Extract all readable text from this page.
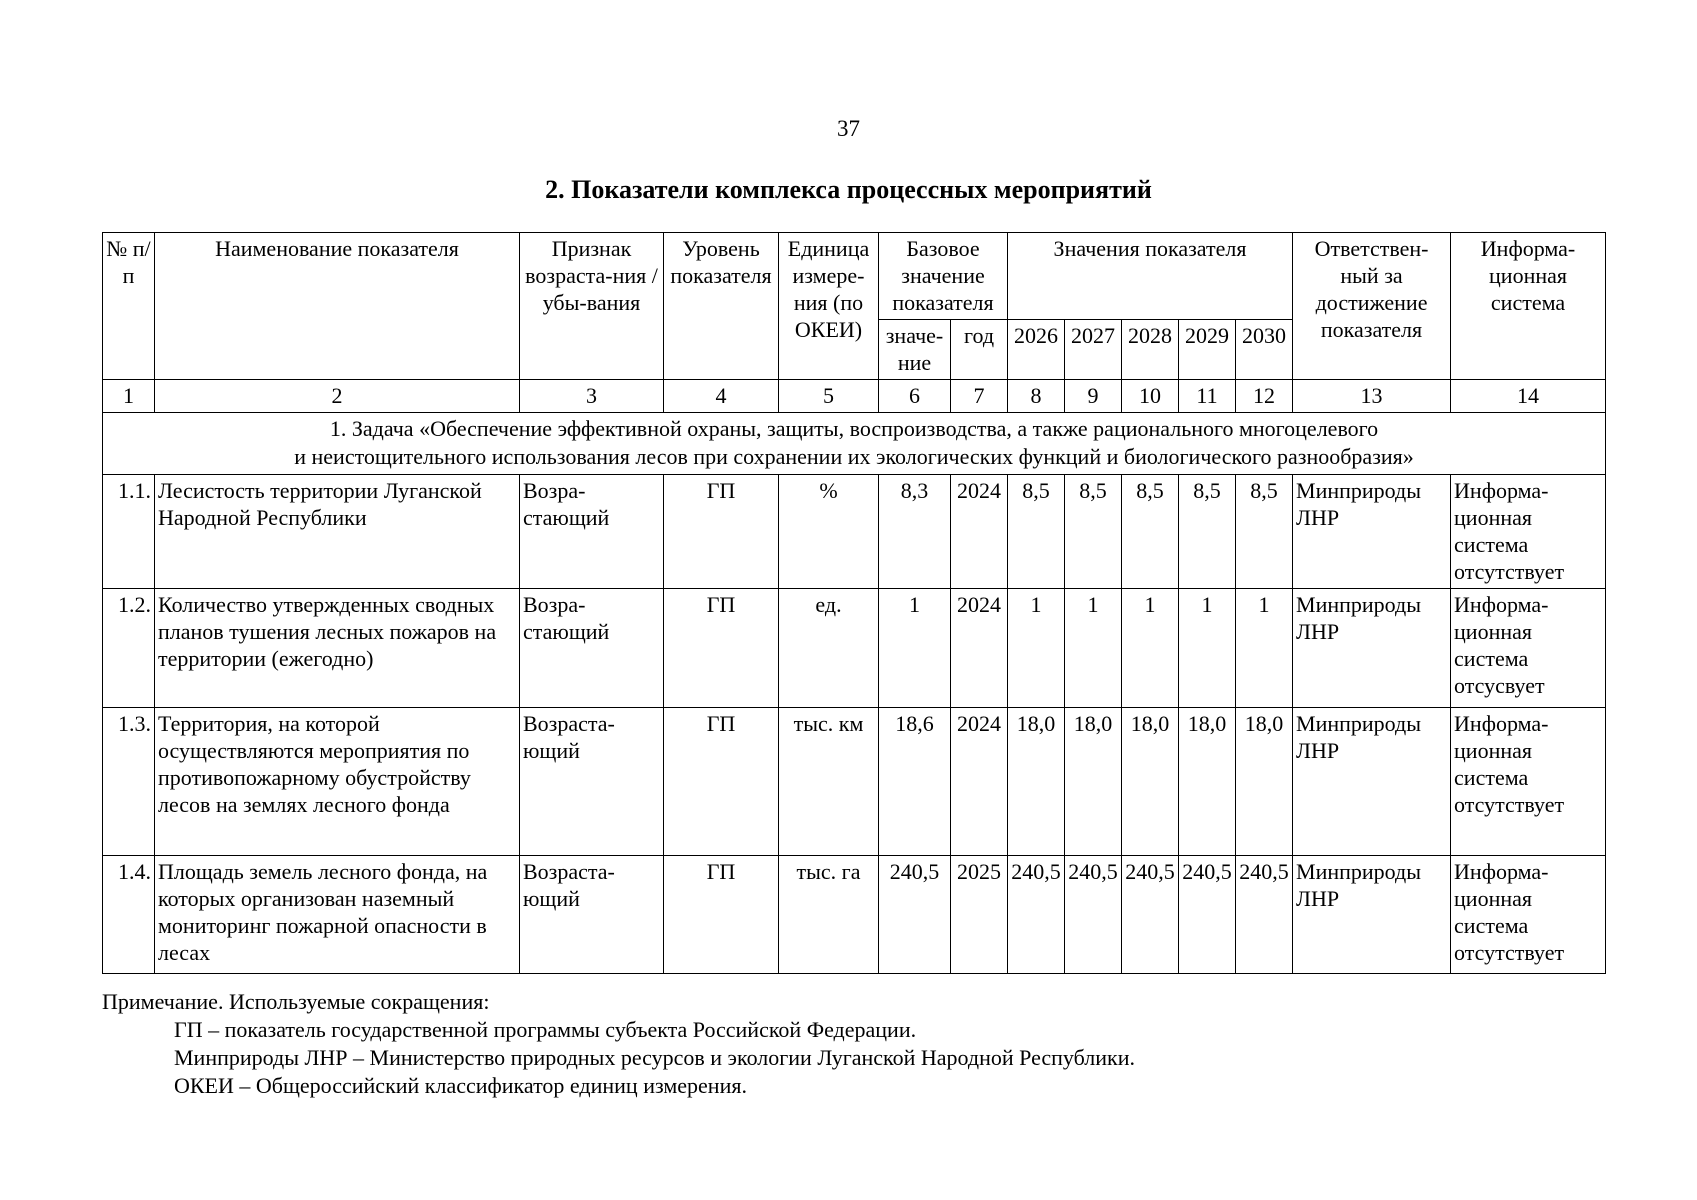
37
2. Показатели комплекса процессных мероприятий
№ п/п	Наименование показателя	Признак возраста-ния /убы-вания	Уровень показателя	Единица измере-ния (по ОКЕИ)	Базовое значение показателя		Значения показателя					Ответствен-ный за достижение показателя	Информа-ционная система
					значе-ние	год	2026	2027	2028	2029	2030		
1	2	3	4	5	6	7	8	9	10	11	12	13	14

1. Задача «Обеспечение эффективной охраны, защиты, воспроизводства, а также рационального многоцелевого
и неистощительного использования лесов при сохранении их экологических функций и биологического разнообразия»													

1.1.	Лесистость территории Луганской Народной Республики	Возра-стающий	ГП	%	8,3	2024	8,5	8,5	8,5	8,5	8,5	Минприроды ЛНР	Информа-ционная система отсутствует
1.2.	Количество утвержденных сводных планов тушения лесных пожаров на территории (ежегодно)	Возра-стающий	ГП	ед.	1	2024	1	1	1	1	1	Минприроды ЛНР	Информа-ционная система отсусвует
1.3.	Территория, на которой осуществляются мероприятия по противопожарному обустройству лесов на землях лесного фонда	Возраста-ющий	ГП	тыс. км	18,6	2024	18,0	18,0	18,0	18,0	18,0	Минприроды ЛНР	Информа-ционная система отсутствует
1.4.	Площадь земель лесного фонда, на которых организован наземный мониторинг пожарной опасности в лесах	Возраста-ющий	ГП	тыс. га	240,5	2025	240,5	240,5	240,5	240,5	240,5	Минприроды ЛНР	Информа-ционная система отсутствует
Примечание. Используемые сокращения:
ГП – показатель государственной программы субъекта Российской Федерации.
Минприроды ЛНР – Министерство природных ресурсов и экологии Луганской Народной Республики.
ОКЕИ – Общероссийский классификатор единиц измерения.
